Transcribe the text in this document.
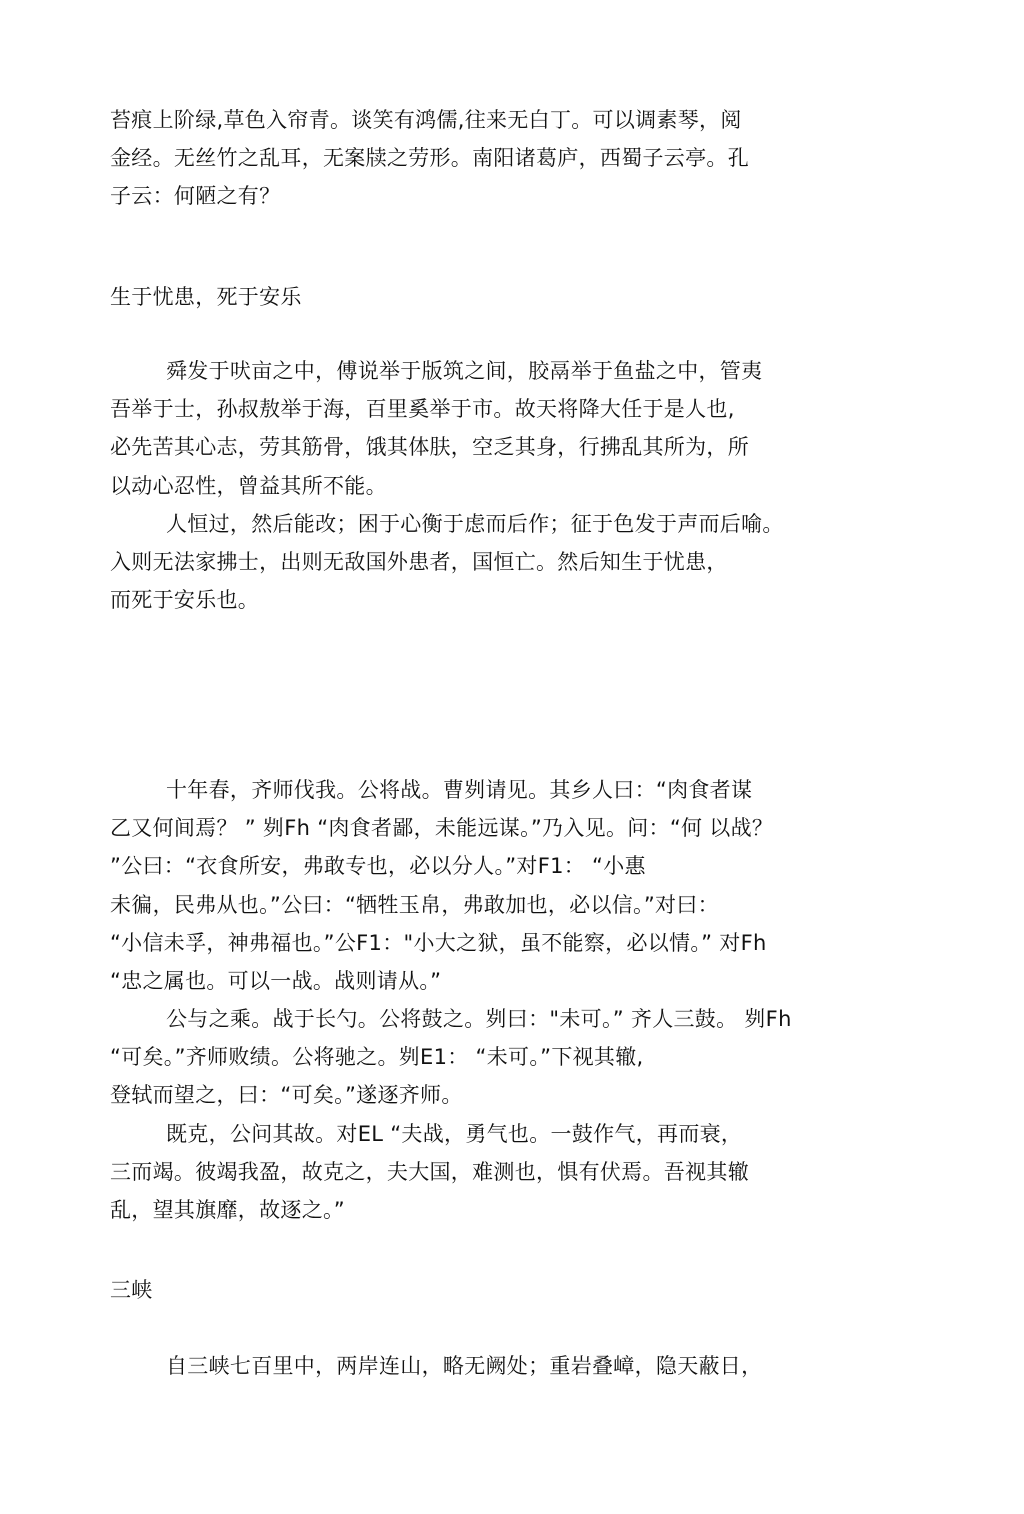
苔痕上阶绿,草色入帘青。谈笑有鸿儒,往来无白丁。可以调素琴，阅
金经。无丝竹之乱耳，无案牍之劳形。南阳诸葛庐，西蜀子云亭。孔
子云：何陋之有？
生于忧患，死于安乐
舜发于吠亩之中，傅说举于版筑之间，胶鬲举于鱼盐之中，管夷
吾举于士，孙叔敖举于海，百里奚举于市。故天将降大任于是人也,
必先苦其心志，劳其筋骨，饿其体肤，空乏其身，行拂乱其所为，所
以动心忍性，曾益其所不能。
人恒过，然后能改；困于心衡于虑而后作；征于色发于声而后喻。
入则无法家拂士，出则无敌国外患者，国恒亡。然后知生于忧患，
而死于安乐也。
十年春，齐师伐我。公将战。曹刿请见。其乡人曰：“肉食者谋
乙又何间焉？ ” 刿Fh “肉食者鄙，未能远谋。”乃入见。问：“何 以战？
”公曰：“衣食所安，弗敢专也，必以分人。”对F1： “小惠
未徧，民弗从也。”公曰：“牺牲玉帛，弗敢加也，必以信。”对曰：
“小信未孚，神弗福也。”公F1："小大之狱，虽不能察，必以情。” 对Fh
“忠之属也。可以一战。战则请从。”
公与之乘。战于长勺。公将鼓之。刿曰："未可。” 齐人三鼓。 刿Fh
“可矣。”齐师败绩。公将驰之。刿E1： “未可。”下视其辙,
登轼而望之，曰：“可矣。”遂逐齐师。
既克，公问其故。对EL “夫战，勇气也。一鼓作气，再而衰，
三而竭。彼竭我盈，故克之，夫大国，难测也，惧有伏焉。吾视其辙
乱，望其旗靡，故逐之。”
三峡
自三峡七百里中，两岸连山，略无阙处；重岩叠嶂，隐天蔽日，
